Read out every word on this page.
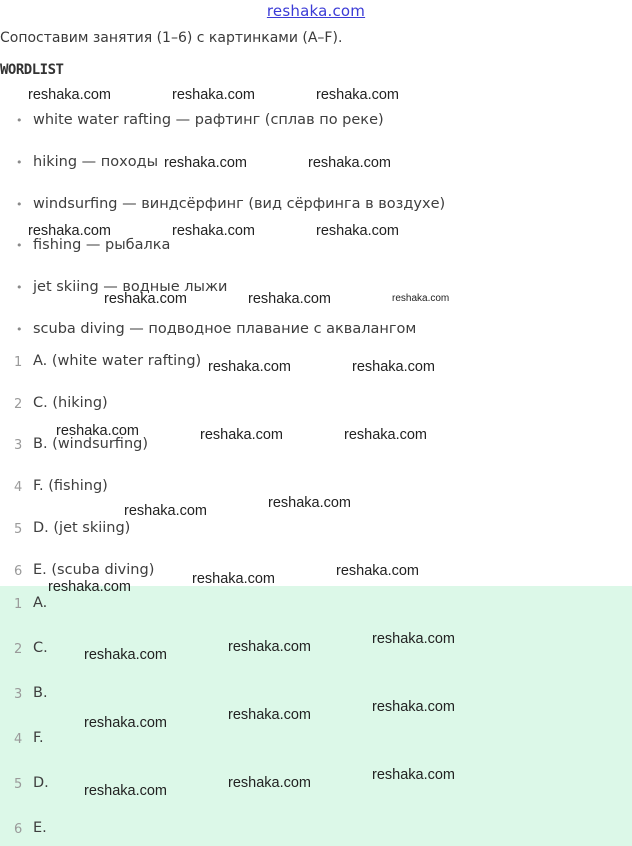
reshaka.com
Сопоставим занятия (1–6) с картинками (A–F).
WORDLIST
• white water rafting — рафтинг (сплав по реке)
• hiking — походы
• windsurfing — виндсёрфинг (вид сёрфинга в воздухе)
• fishing — рыбалка
• jet skiing — водные лыжи
• scuba diving — подводное плавание с аквалангом
1 A. (white water rafting)
2 C. (hiking)
3 B. (windsurfing)
4 F. (fishing)
5 D. (jet skiing)
6 E. (scuba diving)
1 A.
2 C.
3 B.
4 F.
5 D.
6 E.
reshaka.com	reshaka.com	reshaka.com
reshaka.com	reshaka.com
reshaka.com	reshaka.com	reshaka.com
reshaka.com	reshaka.com	reshaka.com
reshaka.com	reshaka.com
reshaka.com	reshaka.com	reshaka.com
reshaka.com
reshaka.com
reshaka.com
reshaka.com
reshaka.com
reshaka.com
reshaka.com
reshaka.com
reshaka.com
reshaka.com
reshaka.com
reshaka.com
reshaka.com
reshaka.com
